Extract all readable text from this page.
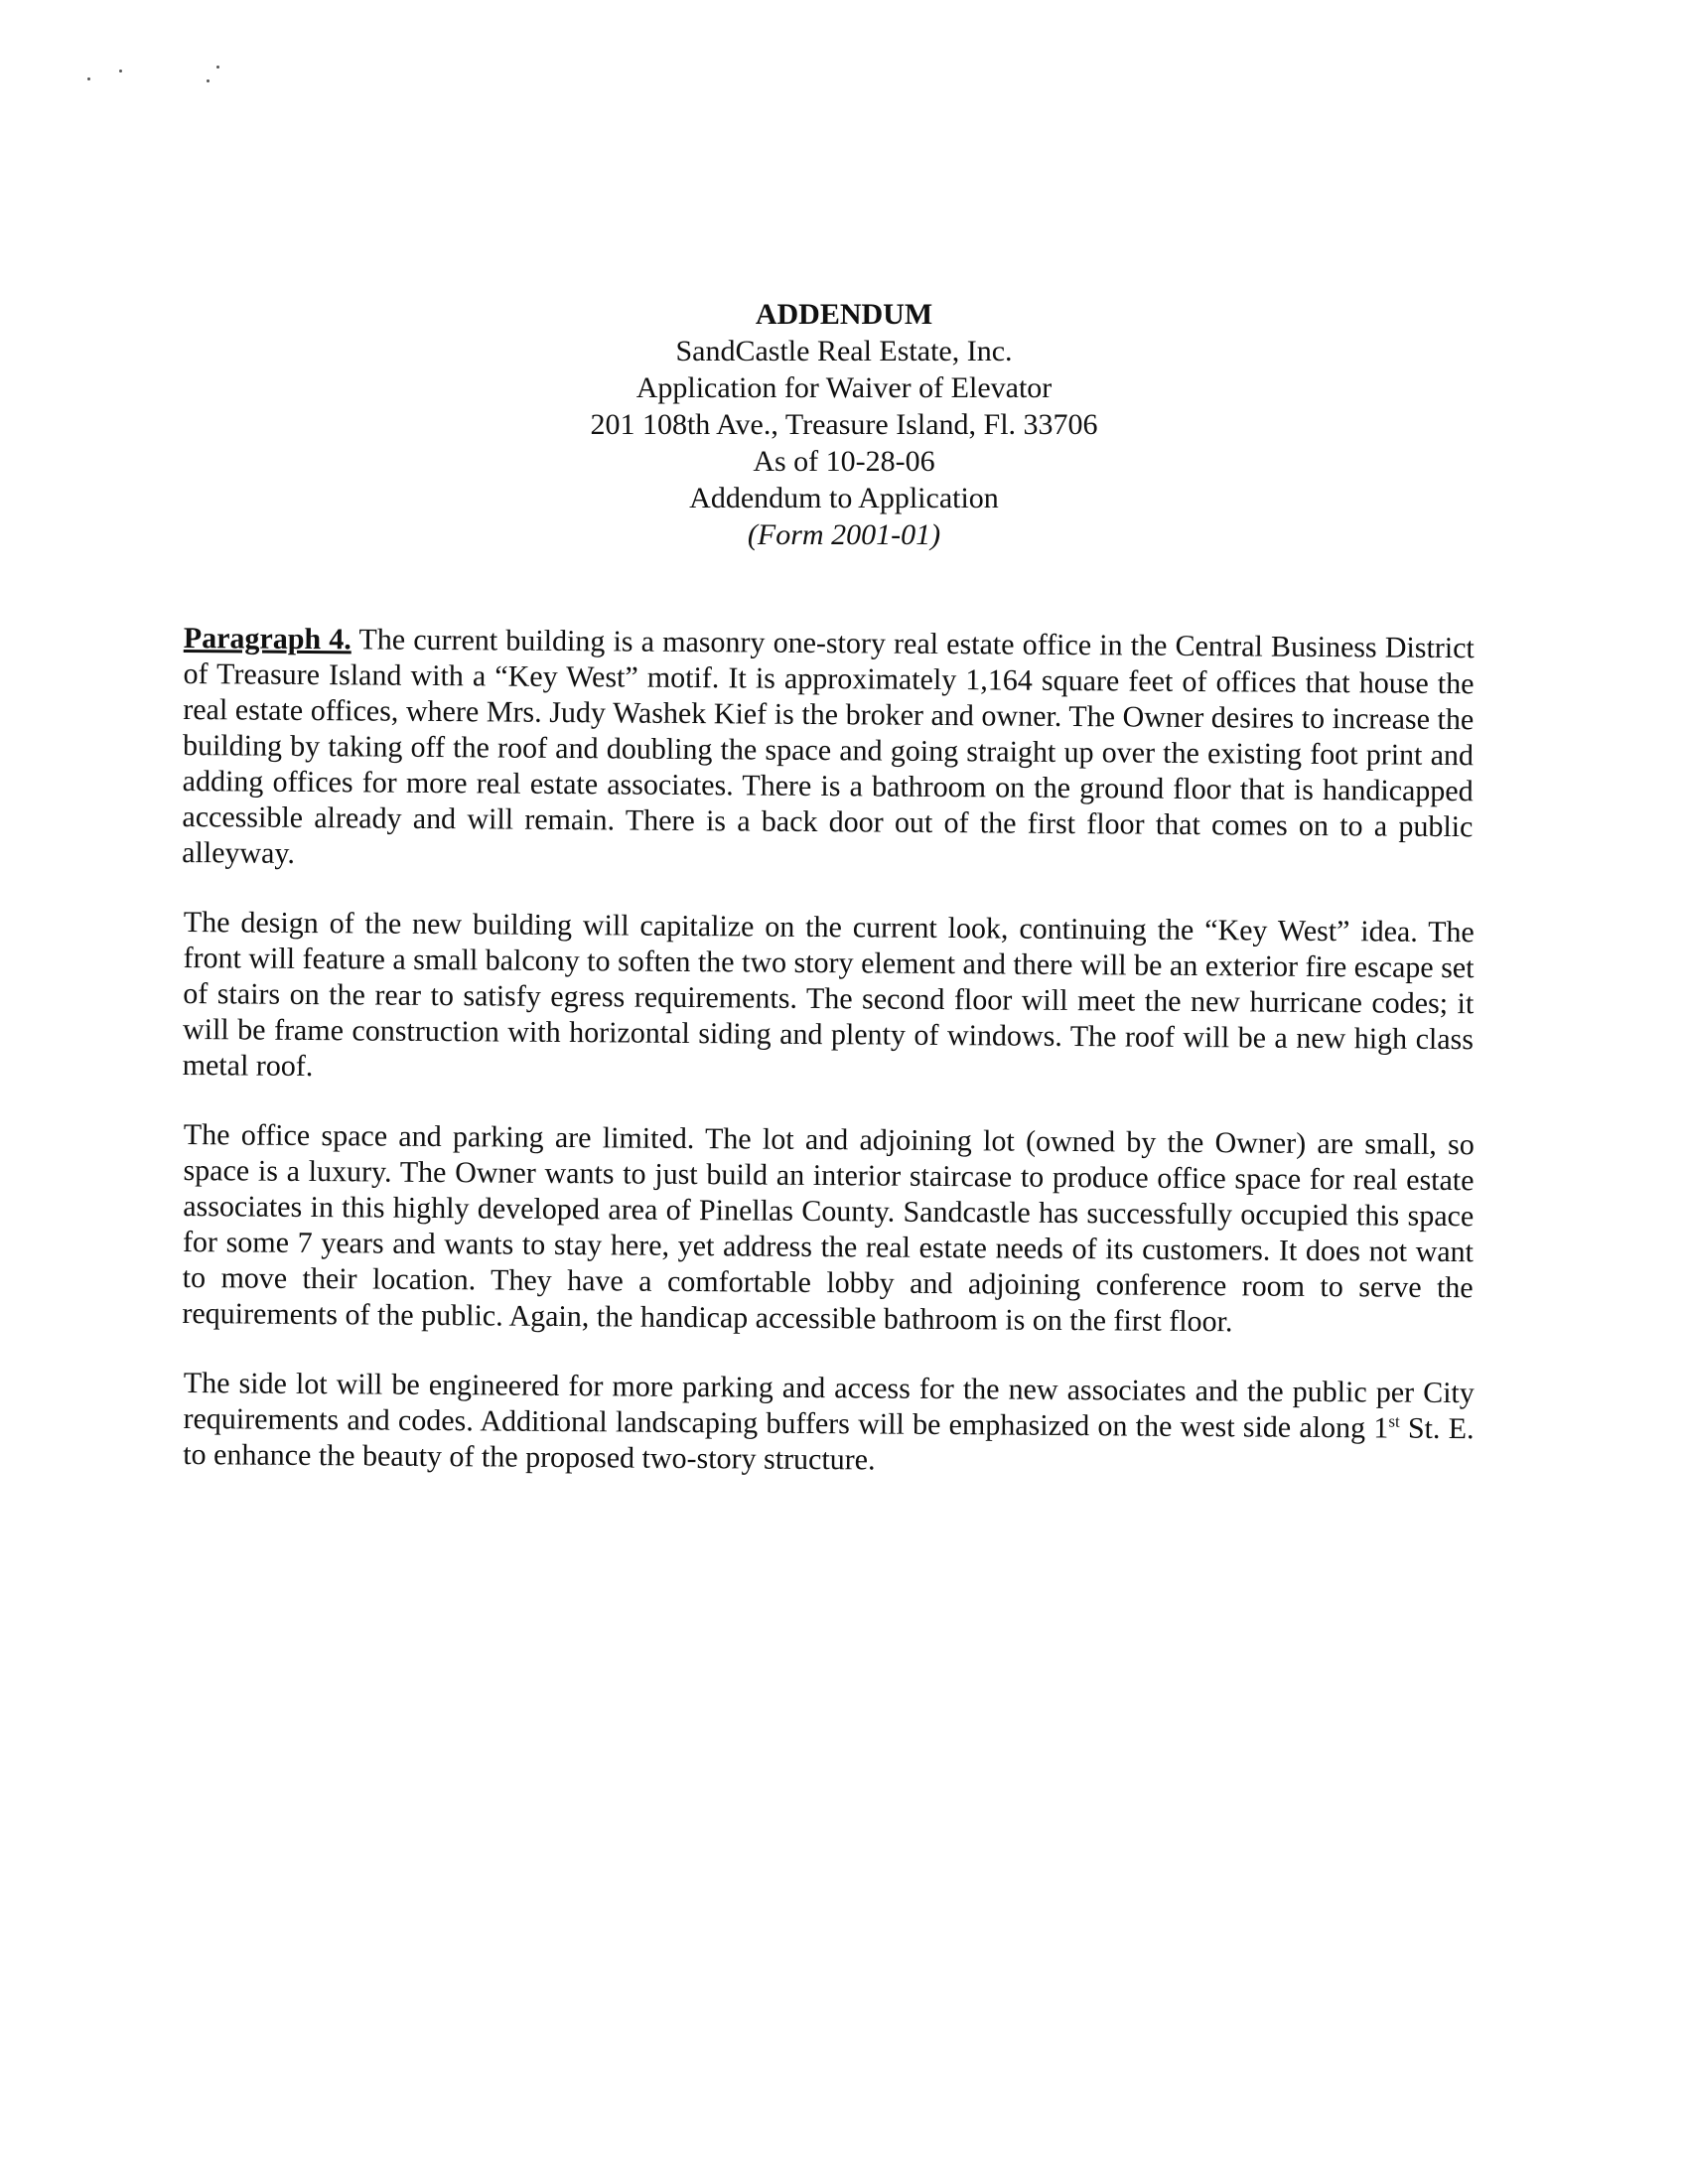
ADDENDUM
SandCastle Real Estate, Inc.
Application for Waiver of Elevator
201 108th Ave., Treasure Island, Fl. 33706
As of 10-28-06
Addendum to Application
(Form 2001-01)

Paragraph 4. The current building is a masonry one-story real estate office in the Central Business District of Treasure Island with a “Key West” motif. It is approximately 1,164 square feet of offices that house the real estate offices, where Mrs. Judy Washek Kief is the broker and owner. The Owner desires to increase the building by taking off the roof and doubling the space and going straight up over the existing foot print and adding offices for more real estate associates. There is a bathroom on the ground floor that is handicapped accessible already and will remain. There is a back door out of the first floor that comes on to a public alleyway.

The design of the new building will capitalize on the current look, continuing the “Key West” idea. The front will feature a small balcony to soften the two story element and there will be an exterior fire escape set of stairs on the rear to satisfy egress requirements. The second floor will meet the new hurricane codes; it will be frame construction with horizontal siding and plenty of windows. The roof will be a new high class metal roof.

The office space and parking are limited. The lot and adjoining lot (owned by the Owner) are small, so space is a luxury. The Owner wants to just build an interior staircase to produce office space for real estate associates in this highly developed area of Pinellas County. Sandcastle has successfully occupied this space for some 7 years and wants to stay here, yet address the real estate needs of its customers. It does not want to move their location. They have a comfortable lobby and adjoining conference room to serve the requirements of the public. Again, the handicap accessible bathroom is on the first floor.

The side lot will be engineered for more parking and access for the new associates and the public per City requirements and codes. Additional landscaping buffers will be emphasized on the west side along 1st St. E. to enhance the beauty of the proposed two-story structure.
